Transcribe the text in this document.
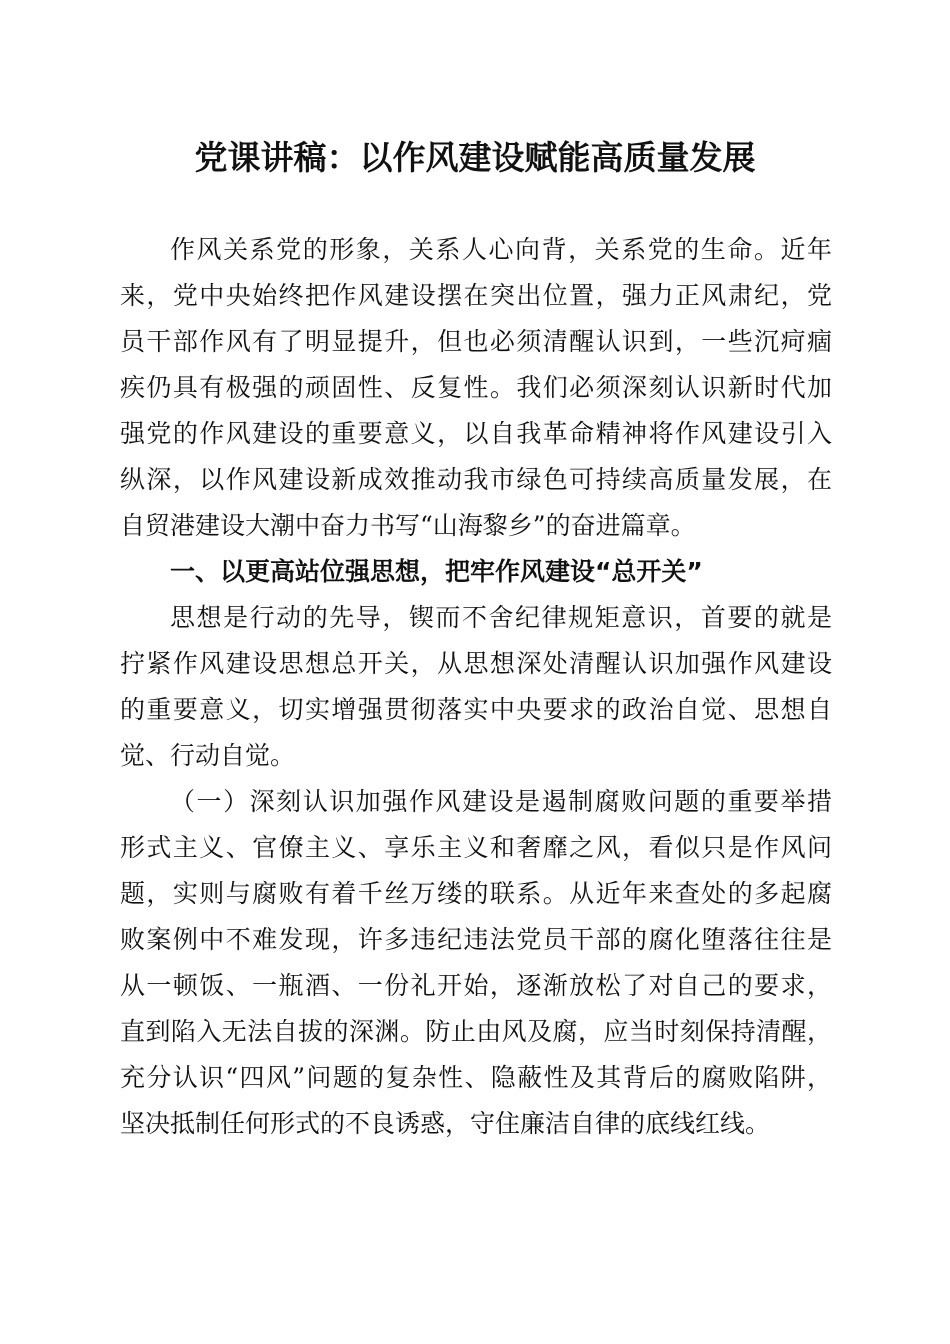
党课讲稿：以作风建设赋能高质量发展
作风关系党的形象，关系人心向背，关系党的生命。近年
来，党中央始终把作风建设摆在突出位置，强力正风肃纪，党
员干部作风有了明显提升，但也必须清醒认识到，一些沉疴痼
疾仍具有极强的顽固性、反复性。我们必须深刻认识新时代加
强党的作风建设的重要意义，以自我革命精神将作风建设引入
纵深，以作风建设新成效推动我市绿色可持续高质量发展，在
自贸港建设大潮中奋力书写“山海黎乡”的奋进篇章。
一、以更高站位强思想，把牢作风建设“总开关”
思想是行动的先导，锲而不舍纪律规矩意识，首要的就是
拧紧作风建设思想总开关，从思想深处清醒认识加强作风建设
的重要意义，切实增强贯彻落实中央要求的政治自觉、思想自
觉、行动自觉。
（一）深刻认识加强作风建设是遏制腐败问题的重要举措
形式主义、官僚主义、享乐主义和奢靡之风，看似只是作风问
题，实则与腐败有着千丝万缕的联系。从近年来查处的多起腐
败案例中不难发现，许多违纪违法党员干部的腐化堕落往往是
从一顿饭、一瓶酒、一份礼开始，逐渐放松了对自己的要求，
直到陷入无法自拔的深渊。防止由风及腐，应当时刻保持清醒，
充分认识“四风”问题的复杂性、隐蔽性及其背后的腐败陷阱，
坚决抵制任何形式的不良诱惑，守住廉洁自律的底线红线。
